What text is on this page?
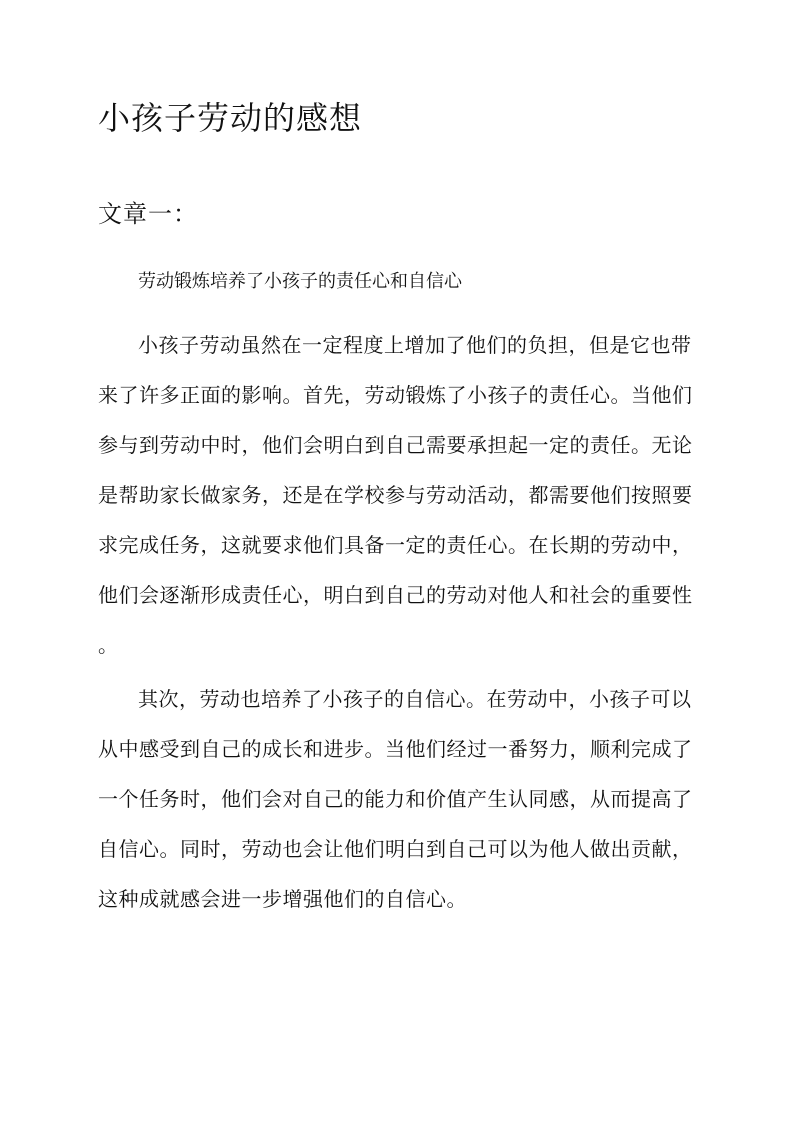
小孩子劳动的感想
文章一：

劳动锻炼培养了小孩子的责任心和自信心

小孩子劳动虽然在一定程度上增加了他们的负担，但是它也带
来了许多正面的影响。首先，劳动锻炼了小孩子的责任心。当他们
参与到劳动中时，他们会明白到自己需要承担起一定的责任。无论
是帮助家长做家务，还是在学校参与劳动活动，都需要他们按照要
求完成任务，这就要求他们具备一定的责任心。在长期的劳动中，
他们会逐渐形成责任心，明白到自己的劳动对他人和社会的重要性
。

其次，劳动也培养了小孩子的自信心。在劳动中，小孩子可以
从中感受到自己的成长和进步。当他们经过一番努力，顺利完成了
一个任务时，他们会对自己的能力和价值产生认同感，从而提高了
自信心。同时，劳动也会让他们明白到自己可以为他人做出贡献，
这种成就感会进一步增强他们的自信心。
